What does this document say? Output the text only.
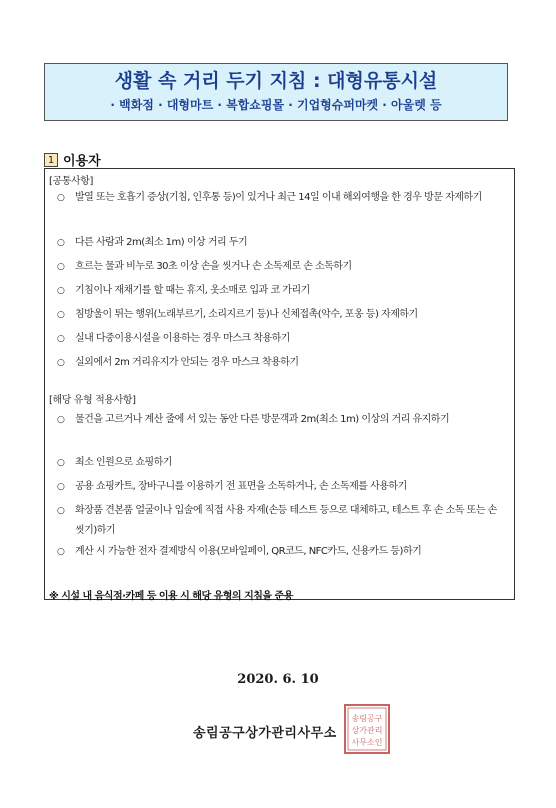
생활 속 거리 두기 지침 : 대형유통시설
· 백화점 · 대형마트 · 복합쇼핑몰 · 기업형슈퍼마켓 · 아울렛 등
1 이용자
[공통사항]
○	발열 또는 호흡기 증상(기침, 인후통 등)이 있거나 최근 14일 이내 해외여행을 한 경우 방문 자제하기
○	다른 사람과 2m(최소 1m) 이상 거리 두기
○	흐르는 물과 비누로 30초 이상 손을 씻거나 손 소독제로 손 소독하기
○	기침이나 재채기를 할 때는 휴지, 옷소매로 입과 코 가리기
○	침방울이 튀는 행위(노래부르기, 소리지르기 등)나 신체접촉(악수, 포옹 등) 자제하기
○	실내 다중이용시설을 이용하는 경우 마스크 착용하기
○	실외에서 2m 거리유지가 안되는 경우 마스크 착용하기
[해당 유형 적용사항]
○	물건을 고르거나 계산 줄에 서 있는 동안 다른 방문객과 2m(최소 1m) 이상의 거리 유지하기
○	최소 인원으로 쇼핑하기
○	공용 쇼핑카트, 장바구니를 이용하기 전 표면을 소독하거나, 손 소독제를 사용하기
○	화장품 견본품 얼굴이나 입술에 직접 사용 자제(손등 테스트 등으로 대체하고, 테스트 후 손 소독 또는 손 씻기)하기
○	계산 시 가능한 전자 결제방식 이용(모바일페이, QR코드, NFC카드, 신용카드 등)하기
※ 시설 내 음식점·카페 등 이용 시 해당 유형의 지침을 준용
2020. 6. 10
송림공구상가관리사무소
송림공구
상가관리
사무소인
